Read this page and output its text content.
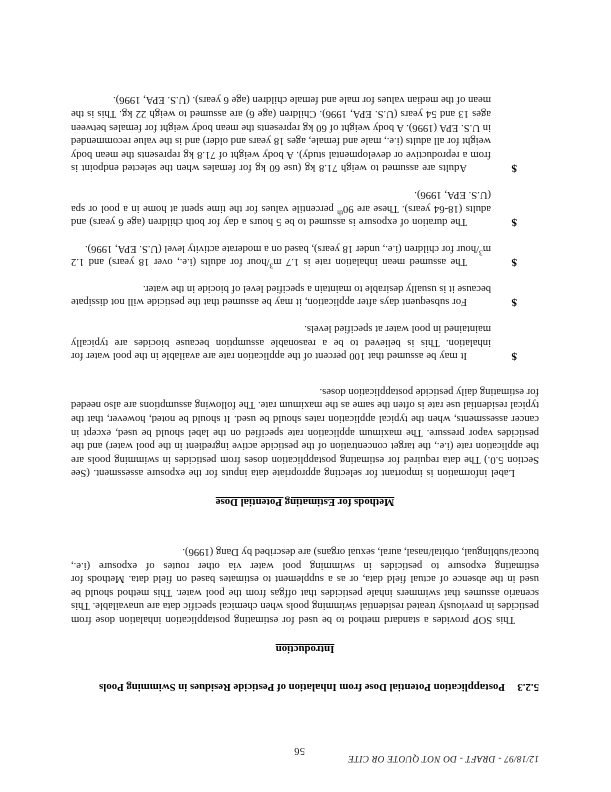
12/18/97 - DRAFT - DO NOT QUOTE OR CITE
56
5.2.3Postapplication Potential Dose from Inhalation of Pesticide Residues in Swimming Pools
Introduction

This SOP provides a standard method to be used for estimating postapplication inhalation dose from pesticides in previously treated residential swimming pools when chemical specific data are unavailable. This scenario assumes that swimmers inhale pesticides that offgas from the pool water. This method should be used in the absence of actual field data, or as a supplement to estimates based on field data. Methods for estimating exposure to pesticides in swimming pool water via other routes of exposure (i.e., buccal/sublingual, orbital/nasal, aural, sexual organs) are described by Dang (1996).

Methods for Estimating Potential Dose

Label information is important for selecting appropriate data inputs for the exposure assessment. (See Section 5.0.) The data required for estimating postapplication doses from pesticides in swimming pools are the application rate (i.e., the target concentration of the pesticide active ingredient in the pool water) and the pesticides vapor pressure. The maximum application rate specified on the label should be used, except in cancer assessments, when the typical application rates should be used. It should be noted, however, that the typical residential use rate is often the same as the maximum rate. The following assumptions are also needed for estimating daily pesticide postapplication doses.

$
It may be assumed that 100 percent of the application rate are available in the pool water for inhalation. This is believed to be a reasonable assumption because biocides are typically maintained in pool water at specified levels.
$
For subsequent days after application, it may be assumed that the pesticide will not dissipate because it is usually desirable to maintain a specified level of biocide in the water.
$
The assumed mean inhalation rate is 1.7 $m^3$/hour for adults (i.e., over 18 years) and 1.2 $m^3$/hour for children (i.e., under 18 years), based on a moderate activity level (U.S. EPA, 1996).
$
The duration of exposure is assumed to be 5 hours a day for both children (age 6 years) and adults (18-64 years). These are 90th percentile values for the time spent at home in a pool or spa (U.S. EPA, 1996).
$
Adults are assumed to weigh 71.8 kg (use 60 kg for females when the selected endpoint is from a reproductive or developmental study). A body weight of 71.8 kg represents the mean body weight for all adults (i.e., male and female, ages 18 years and older) and is the value recommended in U.S. EPA (1996). A body weight of 60 kg represents the mean body weight for females between ages 13 and 54 years (U.S. EPA, 1996). Children (age 6) are assumed to weigh 22 kg. This is the mean of the median values for male and female children (age 6 years). (U.S. EPA, 1996).
